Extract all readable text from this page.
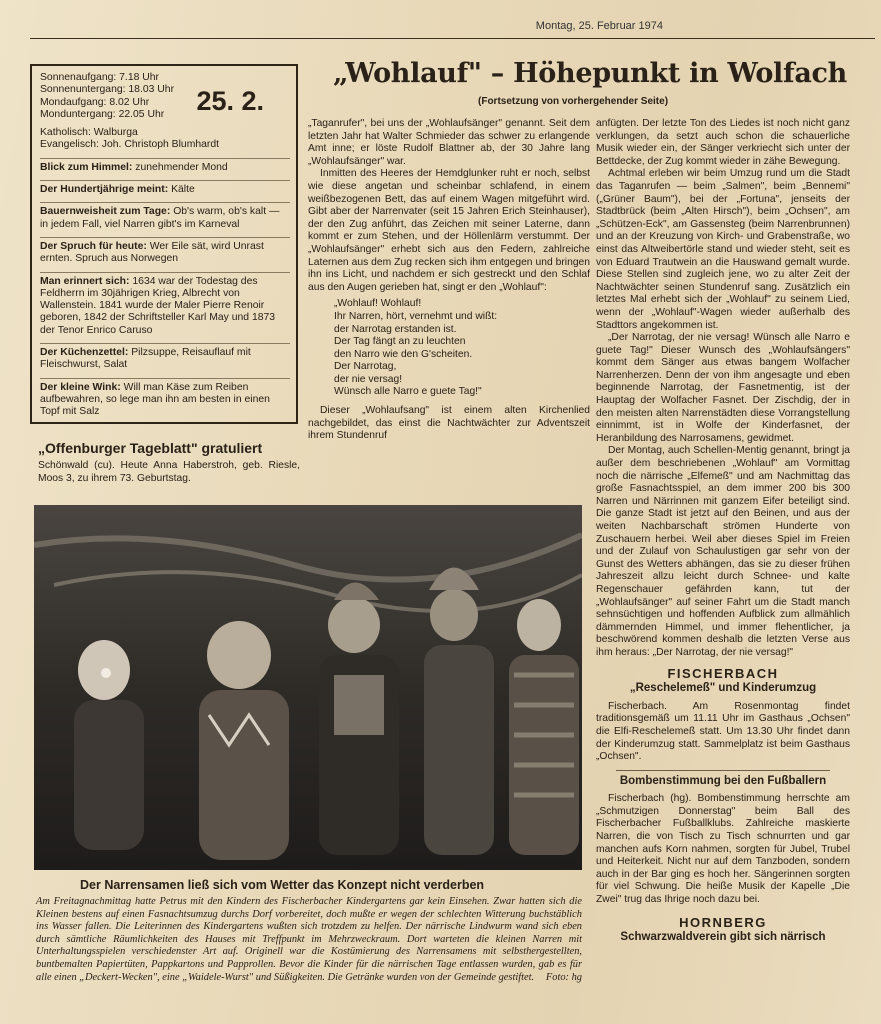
Montag, 25. Februar 1974
Sonnenaufgang: 7.18 Uhr
Sonnenuntergang: 18.03 Uhr
Mondaufgang: 8.02 Uhr
Monduntergang: 22.05 Uhr	25. 2.
Katholisch: Walburga
Evangelisch: Joh. Christoph Blumhardt
Blick zum Himmel: zunehmender Mond
Der Hundertjährige meint: Kälte
Bauernweisheit zum Tage: Ob's warm, ob's kalt — in jedem Fall, viel Narren gibt's im Karneval
Der Spruch für heute: Wer Eile sät, wird Unrast ernten. Spruch aus Norwegen
Man erinnert sich: 1634 war der Todestag des Feldherrn im 30jährigen Krieg, Albrecht von Wallenstein. 1841 wurde der Maler Pierre Renoir geboren, 1842 der Schriftsteller Karl May und 1873 der Tenor Enrico Caruso
Der Küchenzettel: Pilzsuppe, Reisauflauf mit Fleischwurst, Salat
Der kleine Wink: Will man Käse zum Reiben aufbewahren, so lege man ihn am besten in einen Topf mit Salz
„Offenburger Tageblatt" gratuliert
Schönwald (cu). Heute Anna Haberstroh, geb. Riesle, Moos 3, zu ihrem 73. Geburtstag.
„Wohlauf" – Höhepunkt in Wolfach
(Fortsetzung von vorhergehender Seite)

„Taganrufer", bei uns der „Wohlaufsänger" genannt. Seit dem letzten Jahr hat Walter Schmieder das schwer zu erlangende Amt inne; er löste Rudolf Blattner ab, der 30 Jahre lang „Wohlaufsänger" war.

Inmitten des Heeres der Hemdglunker ruht er noch, selbst wie diese angetan und scheinbar schlafend, in einem weißbezogenen Bett, das auf einem Wagen mitgeführt wird. Gibt aber der Narrenvater (seit 15 Jahren Erich Steinhauser), der den Zug anführt, das Zeichen mit seiner Laterne, dann kommt er zum Stehen, und der Höllenlärm verstummt. Der „Wohlaufsänger" erhebt sich aus den Federn, zahlreiche Laternen aus dem Zug recken sich ihm entgegen und bringen ihn ins Licht, und nachdem er sich gestreckt und den Schlaf aus den Augen gerieben hat, singt er den „Wohlauf":

„Wohlauf! Wohlauf!
Ihr Narren, hört, vernehmt und wißt:
der Narrotag erstanden ist.
Der Tag fängt an zu leuchten
den Narro wie den G'scheiten.
Der Narrotag,
der nie versag!
Wünsch alle Narro e guete Tag!"

Dieser „Wohlaufsang" ist einem alten Kirchenlied nachgebildet, das einst die Nachtwächter zur Adventszeit ihrem Stundenruf

anfügten. Der letzte Ton des Liedes ist noch nicht ganz verklungen, da setzt auch schon die schauerliche Musik wieder ein, der Sänger verkriecht sich unter der Bettdecke, der Zug kommt wieder in zähe Bewegung.

Achtmal erleben wir beim Umzug rund um die Stadt das Taganrufen — beim „Salmen", beim „Bennemi" („Grüner Baum"), bei der „Fortuna", jenseits der Stadtbrück (beim „Alten Hirsch"), beim „Ochsen", am „Schützen-Eck", am Gassensteg (beim Narrenbrunnen) und an der Kreuzung von Kirch- und Grabenstraße, wo einst das Altweibertörle stand und wieder steht, seit es von Eduard Trautwein an die Hauswand gemalt wurde. Diese Stellen sind zugleich jene, wo zu alter Zeit der Nachtwächter seinen Stundenruf sang. Zusätzlich ein letztes Mal erhebt sich der „Wohlauf" zu seinem Lied, wenn der „Wohlauf"-Wagen wieder außerhalb des Stadttors angekommen ist.

„Der Narrotag, der nie versag! Wünsch alle Narro e guete Tag!" Dieser Wunsch des „Wohlaufsängers" kommt dem Sänger aus etwas bangem Wolfacher Narrenherzen. Denn der von ihm angesagte und eben beginnende Narrotag, der Fasnetmentig, ist der Hauptag der Wolfacher Fasnet. Der Zischdig, der in den meisten alten Narrenstädten diese Vorrangstellung einnimmt, ist in Wolfe der Kinderfasnet, der Heranbildung des Narrosamens, gewidmet.

Der Montag, auch Schellen-Mentig genannt, bringt ja außer dem beschriebenen „Wohlauf" am Vormittag noch die närrische „Elfemeß" und am Nachmittag das große Fasnachtsspiel, an dem immer 200 bis 300 Narren und Närrinnen mit ganzem Eifer beteiligt sind. Die ganze Stadt ist jetzt auf den Beinen, und aus der weiten Nachbarschaft strömen Hunderte von Zuschauern herbei. Weil aber dieses Spiel im Freien und der Zulauf von Schaulustigen gar sehr von der Gunst des Wetters abhängen, das sie zu dieser frühen Jahreszeit allzu leicht durch Schnee- und kalte Regenschauer gefährden kann, tut der „Wohlaufsänger" auf seiner Fahrt um die Stadt manch sehnsüchtigen und hoffenden Aufblick zum allmählich dämmernden Himmel, und immer flehentlicher, ja beschwörend kommen deshalb die letzten Verse aus ihm heraus: „Der Narrotag, der nie versag!"

FISCHERBACH
„Reschelemeß" und Kinderumzug

Fischerbach. Am Rosenmontag findet traditionsgemäß um 11.11 Uhr im Gasthaus „Ochsen" die Elfi-Reschelemeß statt. Um 13.30 Uhr findet dann der Kinderumzug statt. Sammelplatz ist beim Gasthaus „Ochsen".

Bombenstimmung bei den Fußballern

Fischerbach (hg). Bombenstimmung herrschte am „Schmutzigen Donnerstag" beim Ball des Fischerbacher Fußballklubs. Zahlreiche maskierte Narren, die von Tisch zu Tisch schnurrten und gar manchen aufs Korn nahmen, sorgten für Jubel, Trubel und Heiterkeit. Nicht nur auf dem Tanzboden, sondern auch in der Bar ging es hoch her. Sängerinnen sorgten für viel Schwung. Die heiße Musik der Kapelle „Die Zwei" trug das Ihrige noch dazu bei.

HORNBERG
Schwarzwaldverein gibt sich närrisch
Der Narrensamen ließ sich vom Wetter das Konzept nicht verderben
Am Freitagnachmittag hatte Petrus mit den Kindern des Fischerbacher Kindergartens gar kein Einsehen. Zwar hatten sich die Kleinen bestens auf einen Fasnachtsumzug durchs Dorf vorbereitet, doch mußte er wegen der schlechten Witterung buchstäblich ins Wasser fallen. Die Leiterinnen des Kindergartens wußten sich trotzdem zu helfen. Der närrische Lindwurm wand sich eben durch sämtliche Räumlichkeiten des Hauses mit Treffpunkt im Mehrzweckraum. Dort warteten die kleinen Narren mit Unterhaltungsspielen verschiedenster Art auf. Originell war die Kostümierung des Narrensamens mit selbsthergestellten, buntbemalten Papiertüten, Pappkartons und Papprollen. Bevor die Kinder für die närrischen Tage entlassen wurden, gab es für alle einen „Deckert-Wecken", eine „Waidele-Wurst" und Süßigkeiten. Die Getränke wurden von der Gemeinde gestiftet. Foto: hg
